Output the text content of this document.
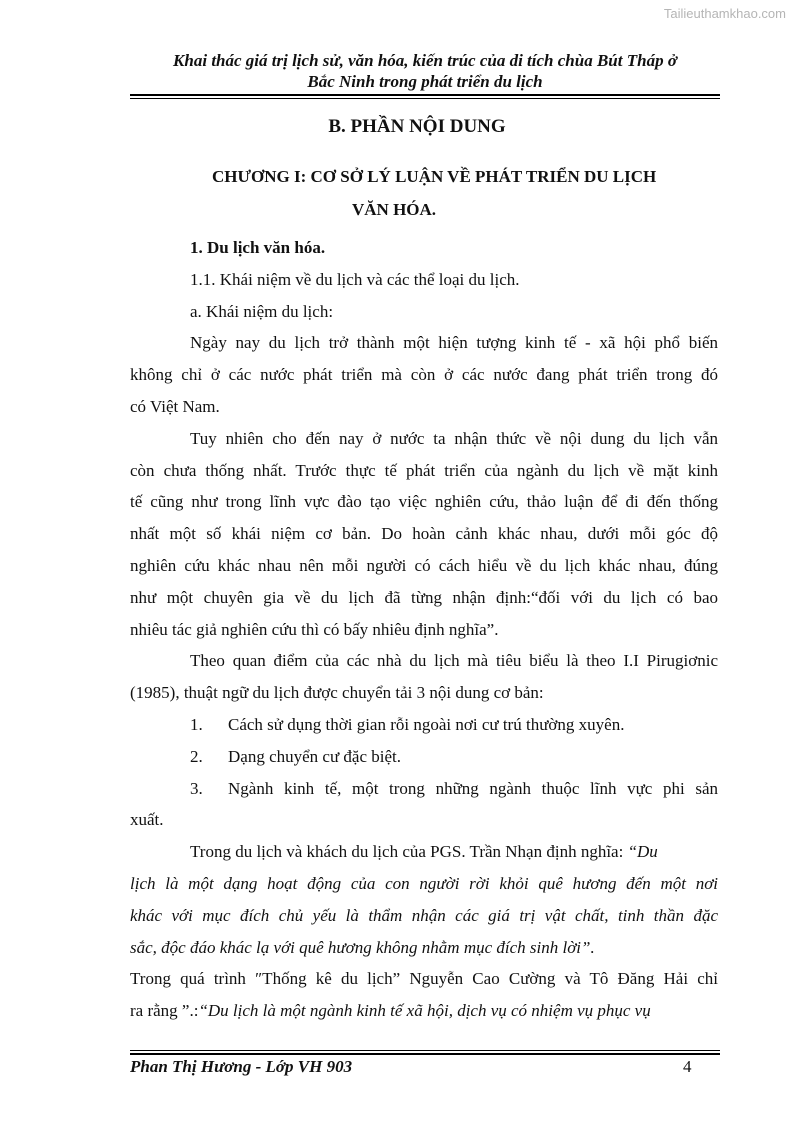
Tailieuthamkhao.com
Khai thác giá trị lịch sử, văn hóa, kiến trúc của di tích chùa Bút Tháp ở
Bắc Ninh trong phát triển du lịch
B. PHẦN NỘI DUNG
CHƯƠNG I: CƠ SỞ LÝ LUẬN VỀ PHÁT TRIỂN DU LỊCH
VĂN HÓA.

1. Du lịch văn hóa.

1.1. Khái niệm về du lịch và các thể loại du lịch.

a. Khái niệm du lịch:

Ngày nay du lịch trở thành một hiện tượng kinh tế - xã hội phổ biến

không chỉ ở các nước phát triển mà còn ở các nước đang phát triển trong đó

có Việt Nam.

Tuy nhiên cho đến nay ở nước ta nhận thức về nội dung du lịch vẫn

còn chưa thống nhất. Trước thực tế phát triển của ngành du lịch về mặt kinh

tế cũng như trong lĩnh vực đào tạo việc nghiên cứu, thảo luận để đi đến thống

nhất một số khái niệm cơ bản. Do hoàn cảnh khác nhau, dưới mỗi góc độ

nghiên cứu khác nhau nên mỗi người có cách hiểu về du lịch khác nhau, đúng

như một chuyên gia về du lịch đã từng nhận định:“đối với du lịch có bao

nhiêu tác giả nghiên cứu thì có bấy nhiêu định nghĩa”.

Theo quan điểm của các nhà du lịch mà tiêu biểu là theo I.I Pirugiơnic

(1985), thuật ngữ du lịch được chuyển tải 3 nội dung cơ bản:

1.	Cách sử dụng thời gian rỗi ngoài nơi cư trú thường xuyên.
2.	Dạng chuyển cư đặc biệt.
3.	Ngành kinh tế, một trong những ngành thuộc lĩnh vực phi sản

xuất.

Trong du lịch và khách du lịch của PGS. Trần Nhạn định nghĩa: “Du

lịch là một dạng hoạt động của con người rời khỏi quê hương đến một nơi

khác với mục đích chủ yếu là thẩm nhận các giá trị vật chất, tinh thần đặc

sắc, độc đáo khác lạ với quê hương không nhằm mục đích sinh lời”.

Trong quá trình ″Thống kê du lịch” Nguyễn Cao Cường và Tô Đăng Hải chỉ

ra rằng ”.:“Du lịch là một ngành kinh tế xã hội, dịch vụ có nhiệm vụ phục vụ

Phan Thị Hương - Lớp VH 903	4
